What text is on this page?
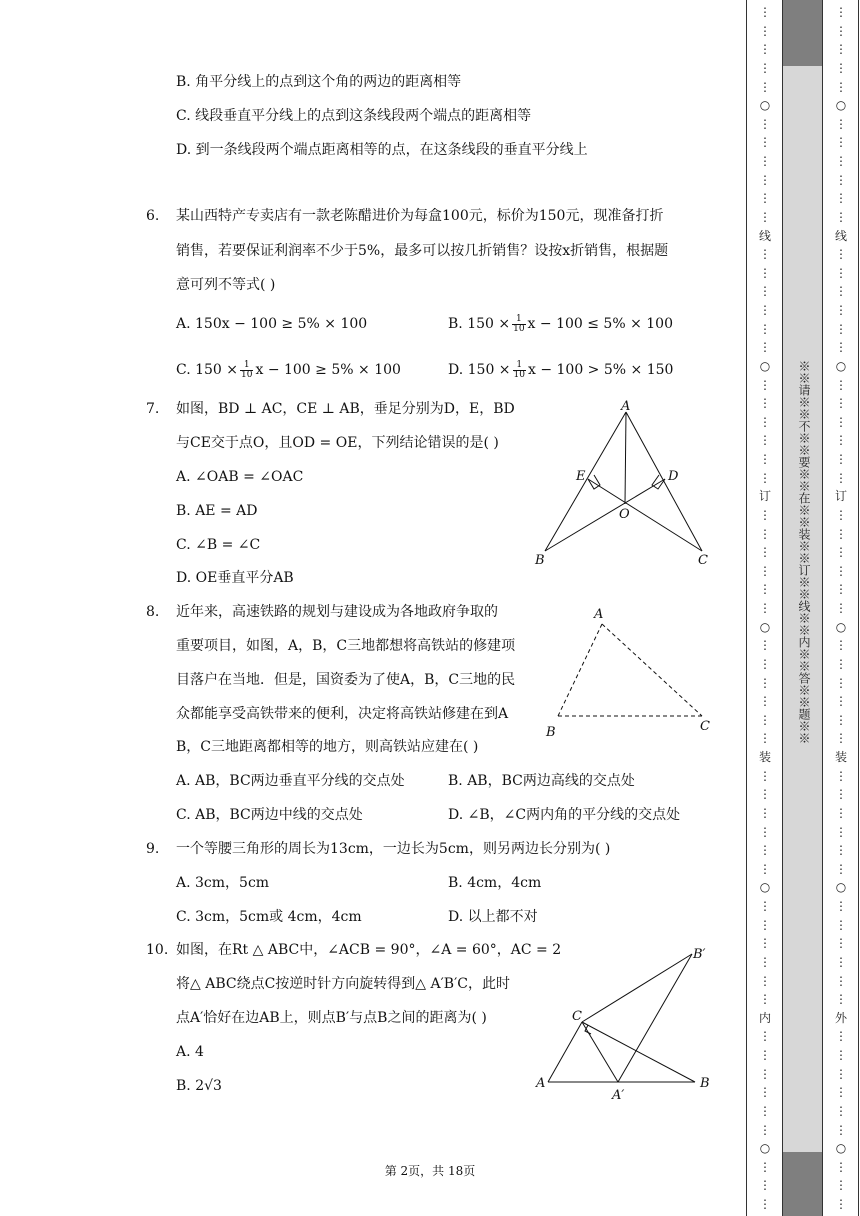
B. 角平分线上的点到这个角的两边的距离相等
C. 线段垂直平分线上的点到这条线段两个端点的距离相等
D. 到一条线段两个端点距离相等的点，在这条线段的垂直平分线上
6. 某山西特产专卖店有一款老陈醋进价为每盒100元，标价为150元，现准备打折
销售，若要保证利润率不少于5%，最多可以按几折销售？设按x折销售，根据题
意可列不等式( )
A. 150x − 100 ≥ 5% × 100	B. $150 \times \frac{1}{10}$ x − 100 ≤ 5% × 100
C. $150 \times \frac{1}{10}$ x − 100 ≥ 5% × 100	D. $150 \times \frac{1}{10}$ x − 100 > 5% × 150
7. 如图，BD ⊥ AC，CE ⊥ AB，垂足分别为D，E，BD
与CE交于点O，且OD = OE，下列结论错误的是( )
A. ∠OAB = ∠OAC
B. AE = AD
C. ∠B = ∠C
D. OE垂直平分AB
A
B	C
D
E
O
8. 近年来，高速铁路的规划与建设成为各地政府争取的
重要项目，如图，A，B，C三地都想将高铁站的修建项
目落户在当地．但是，国资委为了使A，B，C三地的民
众都能享受高铁带来的便利，决定将高铁站修建在到A
B，C三地距离都相等的地方，则高铁站应建在( )
A. AB，BC两边垂直平分线的交点处	B. AB，BC两边高线的交点处
C. AB，BC两边中线的交点处	D. ∠B，∠C两内角的平分线的交点处
A
B	C
9. 一个等腰三角形的周长为13cm，一边长为5cm，则另两边长分别为( )
A. 3cm，5cm	B. 4cm，4cm
C. 3cm，5cm或 4cm，4cm	D. 以上都不对
10. 如图，在Rt △ ABC中，∠ACB = 90°，∠A = 60°，AC = 2
将△ ABC绕点C按逆时针方向旋转得到△ A′B′C，此时
点A′恰好在边AB上，则点B′与点B之间的距离为( )
A. 4
B. 2√3	A	B
C
A′
B′
第 2页，共 18页
※※请※※不※※要※※在※※装※※订※※线※※内※※答※※题※※
⋮
⋮
⋮
⋮
⋮
○
⋮
⋮
⋮
⋮
⋮
⋮
线
⋮
⋮
⋮
⋮
⋮
⋮
○
⋮
⋮
⋮
⋮
⋮
⋮
订
⋮
⋮
⋮
⋮
⋮
⋮
○
⋮
⋮
⋮
⋮
⋮
⋮
装
⋮
⋮
⋮
⋮
⋮
⋮
○
⋮
⋮
⋮
⋮
⋮
⋮
内
⋮
⋮
⋮
⋮
⋮
⋮
○
⋮
⋮
⋮
⋮
⋮
⋮
⋮
⋮
○
⋮
⋮
⋮
⋮
⋮
⋮
线
⋮
⋮
⋮
⋮
⋮
⋮
○
⋮
⋮
⋮
⋮
⋮
⋮
订
⋮
⋮
⋮
⋮
⋮
⋮
○
⋮
⋮
⋮
⋮
⋮
⋮
装
⋮
⋮
⋮
⋮
⋮
⋮
○
⋮
⋮
⋮
⋮
⋮
⋮
外
⋮
⋮
⋮
⋮
⋮
⋮
○
⋮
⋮
⋮
